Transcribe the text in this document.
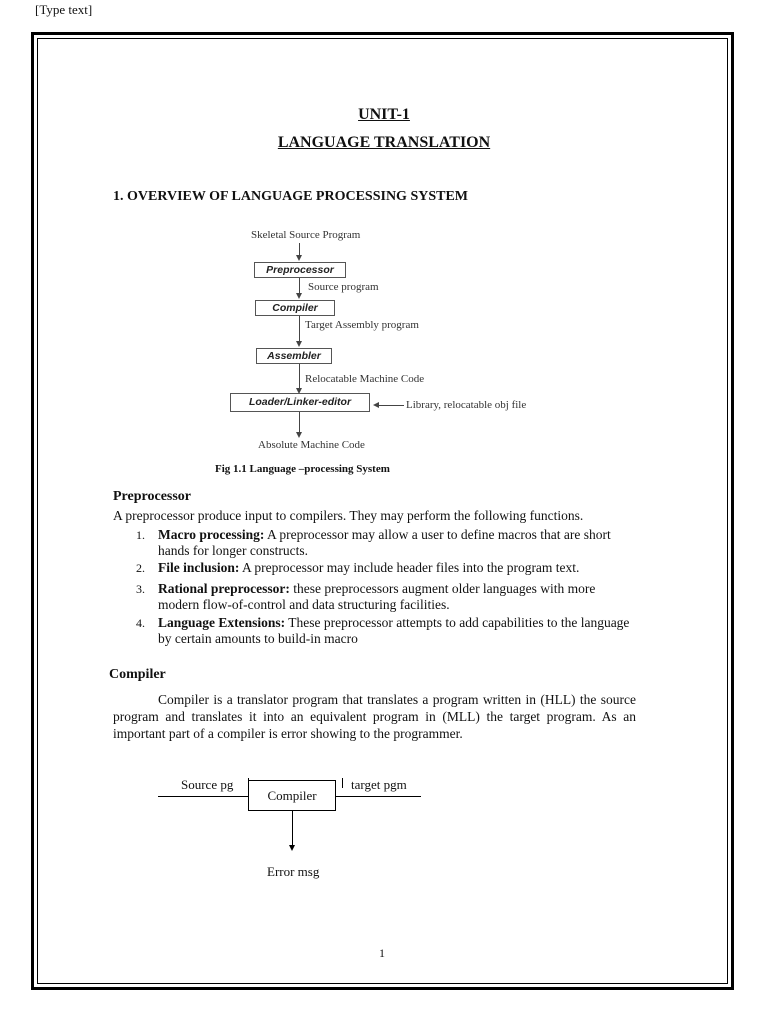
[Type text]
UNIT-1
LANGUAGE TRANSLATION
1. OVERVIEW OF LANGUAGE PROCESSING SYSTEM
Skeletal Source Program
Preprocessor
Source program
Compiler
Target Assembly program
Assembler
Relocatable Machine Code
Loader/Linker-editor	Library, relocatable obj file
Absolute Machine Code
Fig 1.1 Language –processing System
Preprocessor
A preprocessor produce input to compilers. They may perform the following functions.
1. Macro processing: A preprocessor may allow a user to define macros that are short hands for longer constructs.
2. File inclusion: A preprocessor may include header files into the program text.
3. Rational preprocessor: these preprocessors augment older languages with more modern flow-of-control and data structuring facilities.
4. Language Extensions: These preprocessor attempts to add capabilities to the language by certain amounts to build-in macro
Compiler
Compiler is a translator program that translates a program written in (HLL) the source program and translates it into an equivalent program in (MLL) the target program. As an important part of a compiler is error showing to the programmer.
Source pg
Compiler
target pgm
Error msg
1
